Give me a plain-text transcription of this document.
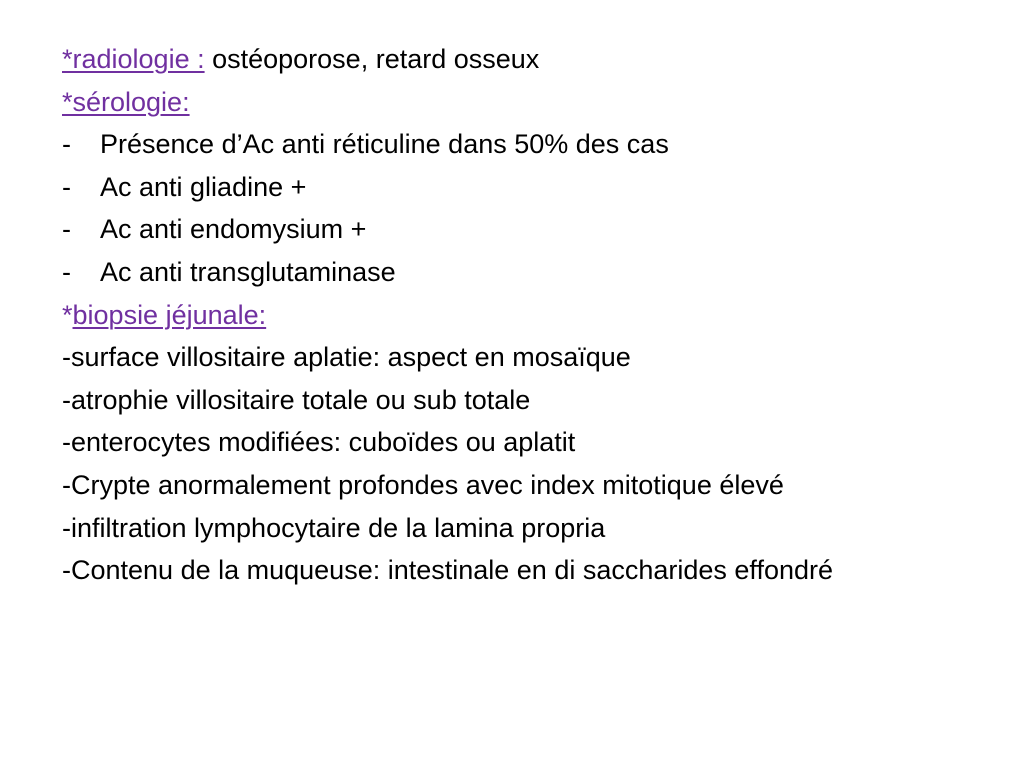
*radiologie : ostéoporose, retard osseux
*sérologie:
-	Présence d’Ac anti réticuline dans 50% des cas
-	Ac anti gliadine +
-	Ac anti endomysium +
-	Ac anti transglutaminase
*biopsie jéjunale:
-surface villositaire aplatie: aspect en mosaïque
-atrophie villositaire totale ou sub totale
-enterocytes modifiées: cuboïdes ou aplatit
-Crypte anormalement profondes avec index mitotique élevé
-infiltration lymphocytaire de la lamina propria
-Contenu de la muqueuse: intestinale en di saccharides effondré
